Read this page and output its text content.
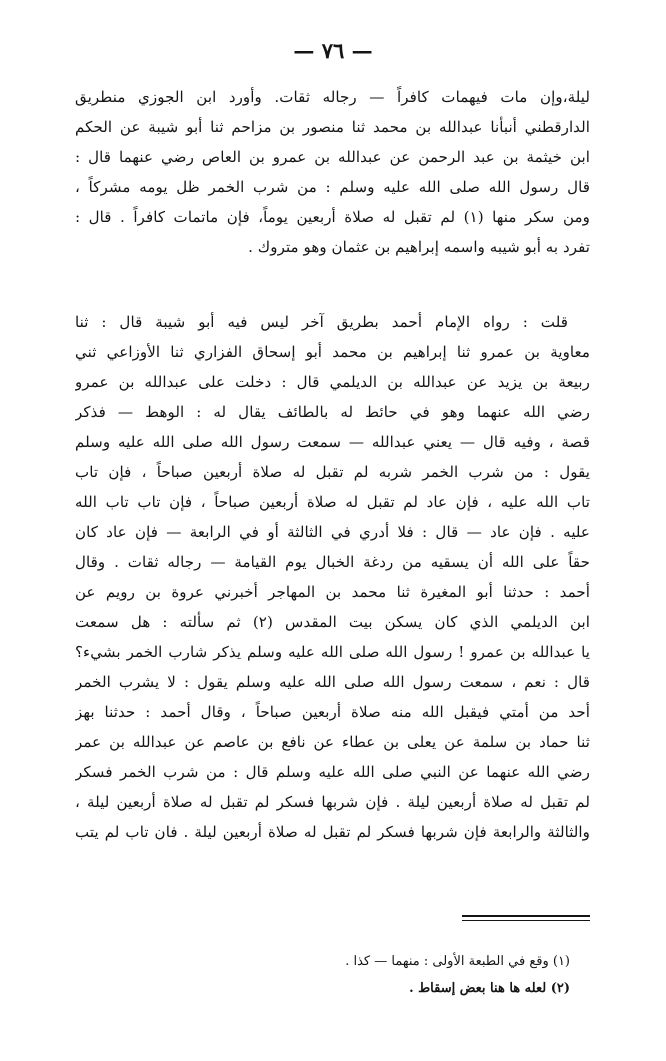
— ٧٦ —
ليلة،وإن مات فيهمات كافراً — رجاله ثقات. وأورد ابن الجوزي منطريق
الدارقطني أنبأنا عبدالله بن محمد ثنا منصور بن مزاحم ثنا أبو شيبة عن الحكم
ابن خيثمة بن عبد الرحمن عن عبدالله بن عمرو بن العاص رضي عنهما قال :
قال رسول الله صلى الله عليه وسلم : من شرب الخمر ظل يومه مشركاً ،
ومن سكر منها (١) لم تقبل له صلاة أربعين يوماً، فإن ماتمات كافراً . قال :
تفرد به أبو شيبه واسمه إبراهيم بن عثمان وهو متروك .
قلت : رواه الإمام أحمد بطريق آخر ليس فيه أبو شيبة قال : ثنا
معاوية بن عمرو ثنا إبراهيم بن محمد أبو إسحاق الفزاري ثنا الأوزاعي ثني
ربيعة بن يزيد عن عبدالله بن الديلمي قال : دخلت على عبدالله بن عمرو
رضي الله عنهما وهو في حائط له بالطائف يقال له : الوهط — فذكر
قصة ، وفيه قال — يعني عبدالله — سمعت رسول الله صلى الله عليه وسلم
يقول : من شرب الخمر شربه لم تقبل له صلاة أربعين صباحاً ، فإن تاب
تاب الله عليه ، فإن عاد لم تقبل له صلاة أربعين صباحاً ، فإن تاب تاب الله
عليه . فإن عاد — قال : فلا أدري في الثالثة أو في الرابعة — فإن عاد كان
حقاً على الله أن يسقيه من ردغة الخبال يوم القيامة — رجاله ثقات . وقال
أحمد : حدثنا أبو المغيرة ثنا محمد بن المهاجر أخبرني عروة بن رويم عن
ابن الديلمي الذي كان يسكن بيت المقدس (٢) ثم سألته : هل سمعت
يا عبدالله بن عمرو ! رسول الله صلى الله عليه وسلم يذكر شارب الخمر بشيء؟
قال : نعم ، سمعت رسول الله صلى الله عليه وسلم يقول : لا يشرب الخمر
أحد من أمتي فيقبل الله منه صلاة أربعين صباحاً ، وقال أحمد : حدثنا بهز
ثنا حماد بن سلمة عن يعلى بن عطاء عن نافع بن عاصم عن عبدالله بن عمر
رضي الله عنهما عن النبي صلى الله عليه وسلم قال : من شرب الخمر فسكر
لم تقبل له صلاة أربعين ليلة . فإن شربها فسكر لم تقبل له صلاة أربعين ليلة ،
والثالثة والرابعة فإن شربها فسكر لم تقبل له صلاة أربعين ليلة . فان تاب لم يتب
(١) وقع في الطبعة الأولى : منهما — كذا .
(٢) لعله ها هنا بعض إسقاط .
